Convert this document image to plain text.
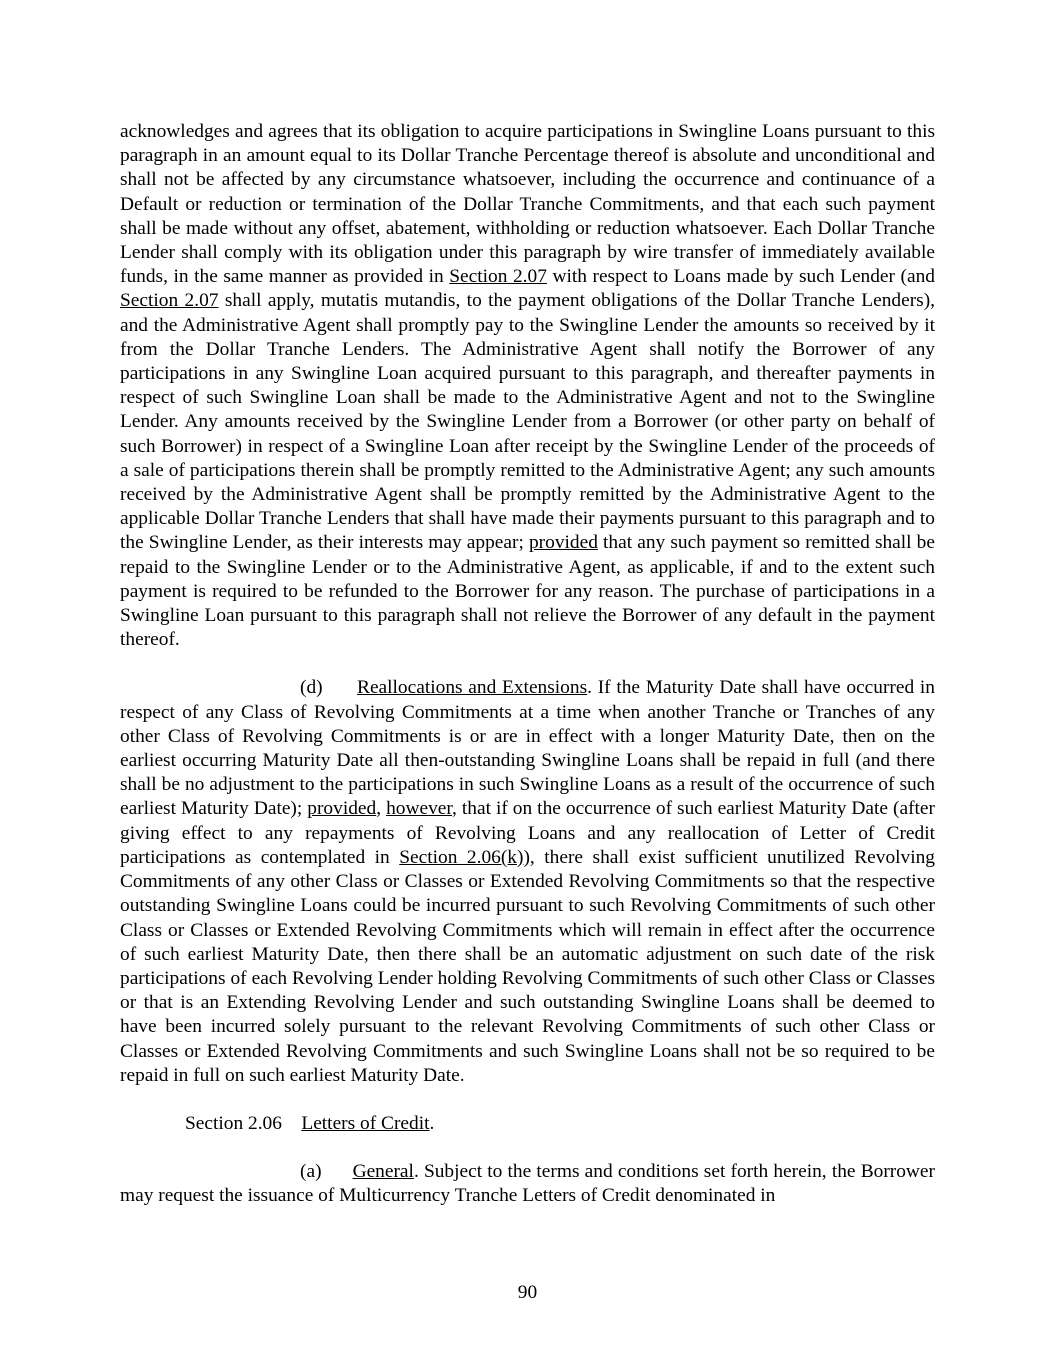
acknowledges and agrees that its obligation to acquire participations in Swingline Loans pursuant to this paragraph in an amount equal to its Dollar Tranche Percentage thereof is absolute and unconditional and shall not be affected by any circumstance whatsoever, including the occurrence and continuance of a Default or reduction or termination of the Dollar Tranche Commitments, and that each such payment shall be made without any offset, abatement, withholding or reduction whatsoever. Each Dollar Tranche Lender shall comply with its obligation under this paragraph by wire transfer of immediately available funds, in the same manner as provided in Section 2.07 with respect to Loans made by such Lender (and Section 2.07 shall apply, mutatis mutandis, to the payment obligations of the Dollar Tranche Lenders), and the Administrative Agent shall promptly pay to the Swingline Lender the amounts so received by it from the Dollar Tranche Lenders. The Administrative Agent shall notify the Borrower of any participations in any Swingline Loan acquired pursuant to this paragraph, and thereafter payments in respect of such Swingline Loan shall be made to the Administrative Agent and not to the Swingline Lender. Any amounts received by the Swingline Lender from a Borrower (or other party on behalf of such Borrower) in respect of a Swingline Loan after receipt by the Swingline Lender of the proceeds of a sale of participations therein shall be promptly remitted to the Administrative Agent; any such amounts received by the Administrative Agent shall be promptly remitted by the Administrative Agent to the applicable Dollar Tranche Lenders that shall have made their payments pursuant to this paragraph and to the Swingline Lender, as their interests may appear; provided that any such payment so remitted shall be repaid to the Swingline Lender or to the Administrative Agent, as applicable, if and to the extent such payment is required to be refunded to the Borrower for any reason. The purchase of participations in a Swingline Loan pursuant to this paragraph shall not relieve the Borrower of any default in the payment thereof.

(d) Reallocations and Extensions. If the Maturity Date shall have occurred in respect of any Class of Revolving Commitments at a time when another Tranche or Tranches of any other Class of Revolving Commitments is or are in effect with a longer Maturity Date, then on the earliest occurring Maturity Date all then-outstanding Swingline Loans shall be repaid in full (and there shall be no adjustment to the participations in such Swingline Loans as a result of the occurrence of such earliest Maturity Date); provided, however, that if on the occurrence of such earliest Maturity Date (after giving effect to any repayments of Revolving Loans and any reallocation of Letter of Credit participations as contemplated in Section 2.06(k)), there shall exist sufficient unutilized Revolving Commitments of any other Class or Classes or Extended Revolving Commitments so that the respective outstanding Swingline Loans could be incurred pursuant to such Revolving Commitments of such other Class or Classes or Extended Revolving Commitments which will remain in effect after the occurrence of such earliest Maturity Date, then there shall be an automatic adjustment on such date of the risk participations of each Revolving Lender holding Revolving Commitments of such other Class or Classes or that is an Extending Revolving Lender and such outstanding Swingline Loans shall be deemed to have been incurred solely pursuant to the relevant Revolving Commitments of such other Class or Classes or Extended Revolving Commitments and such Swingline Loans shall not be so required to be repaid in full on such earliest Maturity Date.

Section 2.06 Letters of Credit.

(a) General. Subject to the terms and conditions set forth herein, the Borrower may request the issuance of Multicurrency Tranche Letters of Credit denominated in

90
